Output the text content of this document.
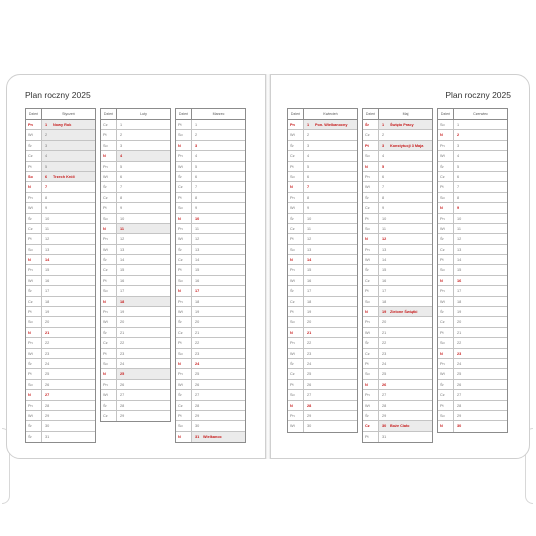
Plan roczny 2025
Dzień	Styczeń
Pn	1 Nowy Rok
Wt	2
Śr	3
Cz	4
Pt	5
So	6 Trzech Króli
N	7
Pn	8
Wt	9
Śr	10
Cz	11
Pt	12
So	13
N	14
Pn	15
Wt	16
Śr	17
Cz	18
Pt	19
So	20
N	21
Pn	22
Wt	23
Śr	24
Pt	25
So	26
N	27
Pn	28
Wt	29
Śr	30
Śr	31
Dzień	Luty
Cz	1
Pt	2
So	3
N	4
Pn	5
Wt	6
Śr	7
Cz	8
Pt	9
So	10
N	11
Pn	12
Wt	13
Śr	14
Cz	15
Pt	16
So	17
N	18
Pn	19
Wt	20
Śr	21
Cz	22
Pt	23
So	24
N	25
Pn	26
Wt	27
Śr	28
Cz	29
Dzień	Marzec
Pt	1
So	2
N	3
Pn	4
Wt	5
Śr	6
Cz	7
Pt	8
So	9
N	10
Pn	11
Wt	12
Śr	13
Cz	14
Pt	15
So	16
N	17
Pn	18
Wt	19
Śr	20
Cz	21
Pt	22
So	23
N	24
Pn	25
Wt	26
Śr	27
Cz	28
Pt	29
So	30
N	31 Wielkanoc
Plan roczny 2025
Dzień	Kwiecień
Pn	1 Pon. Wielkanocny
Wt	2
Śr	3
Cz	4
Pt	5
So	6
N	7
Pn	8
Wt	9
Śr	10
Cz	11
Pt	12
So	13
N	14
Pn	15
Wt	16
Śr	17
Cz	18
Pt	19
So	20
N	21
Pn	22
Wt	23
Śr	24
Cz	25
Pt	26
So	27
N	28
Pn	29
Wt	30
Dzień	Maj
Śr	1 Święto Pracy
Cz	2
Pt	3 Konstytucji 3 Maja
So	4
N	5
Pn	6
Wt	7
Śr	8
Cz	9
Pt	10
So	11
N	12
Pn	13
Wt	14
Śr	15
Cz	16
Pt	17
So	18
N	19 Zielone Świątki
Pn	20
Wt	21
Śr	22
Cz	23
Pt	24
So	25
N	26
Pn	27
Wt	28
Śr	29
Cz	30 Boże Ciało
Pt	31
Dzień	Czerwiec
So	1
N	2
Pn	3
Wt	4
Śr	5
Cz	6
Pt	7
So	8
N	9
Pn	10
Wt	11
Śr	12
Cz	13
Pt	14
So	15
N	16
Pn	17
Wt	18
Śr	19
Cz	20
Pt	21
So	22
N	23
Pn	24
Wt	25
Śr	26
Cz	27
Pt	28
So	29
N	30
